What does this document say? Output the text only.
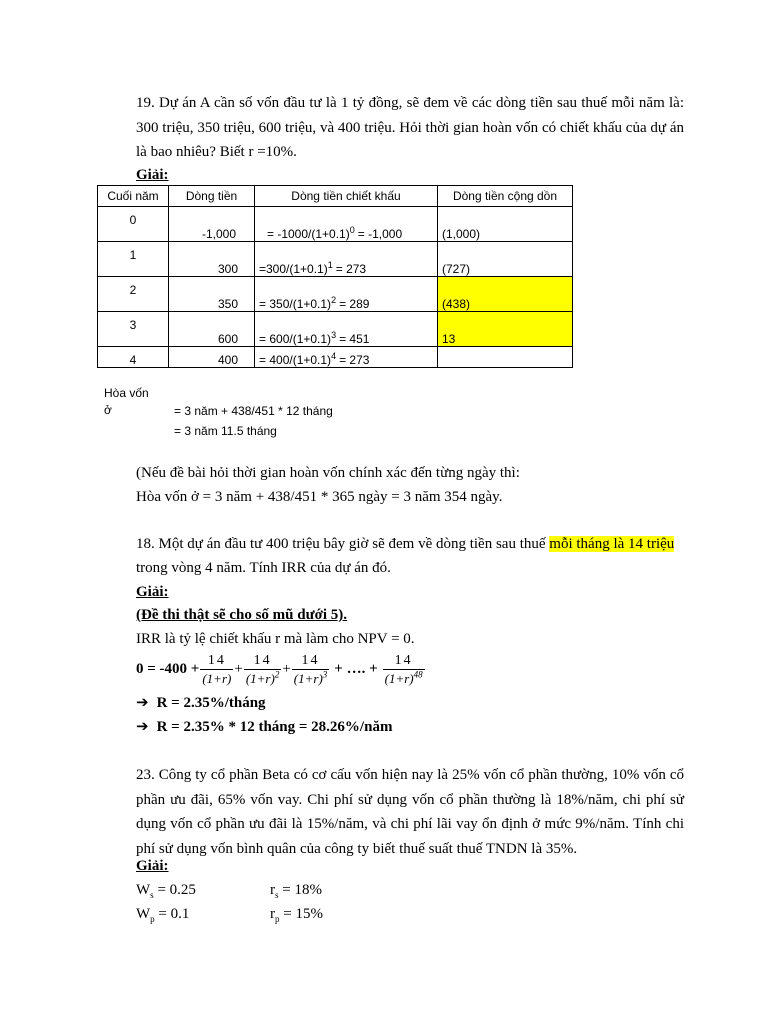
19. Dự án A cần số vốn đầu tư là 1 tỷ đồng, sẽ đem về các dòng tiền sau thuế mỗi năm là: 300 triệu, 350 triệu, 600 triệu, và 400 triệu. Hỏi thời gian hoàn vốn có chiết khấu của dự án là bao nhiêu? Biết r =10%.
Giải:
Cuối năm	Dòng tiền	Dòng tiền chiết khấu	Dòng tiền cộng dồn

0	-1,000	= $-1000/(1+0.1)^0 = -1,000$	(1,000)

1	300	$=300/(1+0.1)^1 = 273$	(727)

2	350	= $350/(1+0.1)^2 = 289$	(438)

3	600	= $600/(1+0.1)^3 = 451$	13
4	400	= $400/(1+0.1)^4 = 273$	
Hòa vốn
ở	= 3 năm + 438/451 * 12 tháng
= 3 năm 11.5 tháng
(Nếu đề bài hỏi thời gian hoàn vốn chính xác đến từng ngày thì:
Hòa vốn ở = 3 năm + 438/451 * 365 ngày = 3 năm 354 ngày.
18. Một dự án đầu tư 400 triệu bây giờ sẽ đem về dòng tiền sau thuế mỗi tháng là 14 triệu
trong vòng 4 năm. Tính IRR của dự án đó.
Giải:
(Đề thi thật sẽ cho số mũ dưới 5).
IRR là tỷ lệ chiết khấu r mà làm cho NPV = 0.
$0 = -400 + \frac{14}{(1+r)} + \frac{14}{(1+r)^2} + \frac{14}{(1+r)^3}$ + …. + $\frac{14}{(1+r)^{48}}$
➔ R = 2.35%/tháng
➔ R = 2.35% * 12 tháng = 28.26%/năm
23. Công ty cổ phần Beta có cơ cấu vốn hiện nay là 25% vốn cổ phần thường, 10% vốn cổ phần ưu đãi, 65% vốn vay. Chi phí sử dụng vốn cổ phần thường là 18%/năm, chi phí sử dụng vốn cổ phần ưu đãi là 15%/năm, và chi phí lãi vay ổn định ở mức 9%/năm. Tính chi phí sử dụng vốn bình quân của công ty biết thuế suất thuế TNDN là 35%.
Giải:
$W_s = 0.25$	$r_s = 18\%$
$W_p = 0.1$	$r_p = 15\%$
